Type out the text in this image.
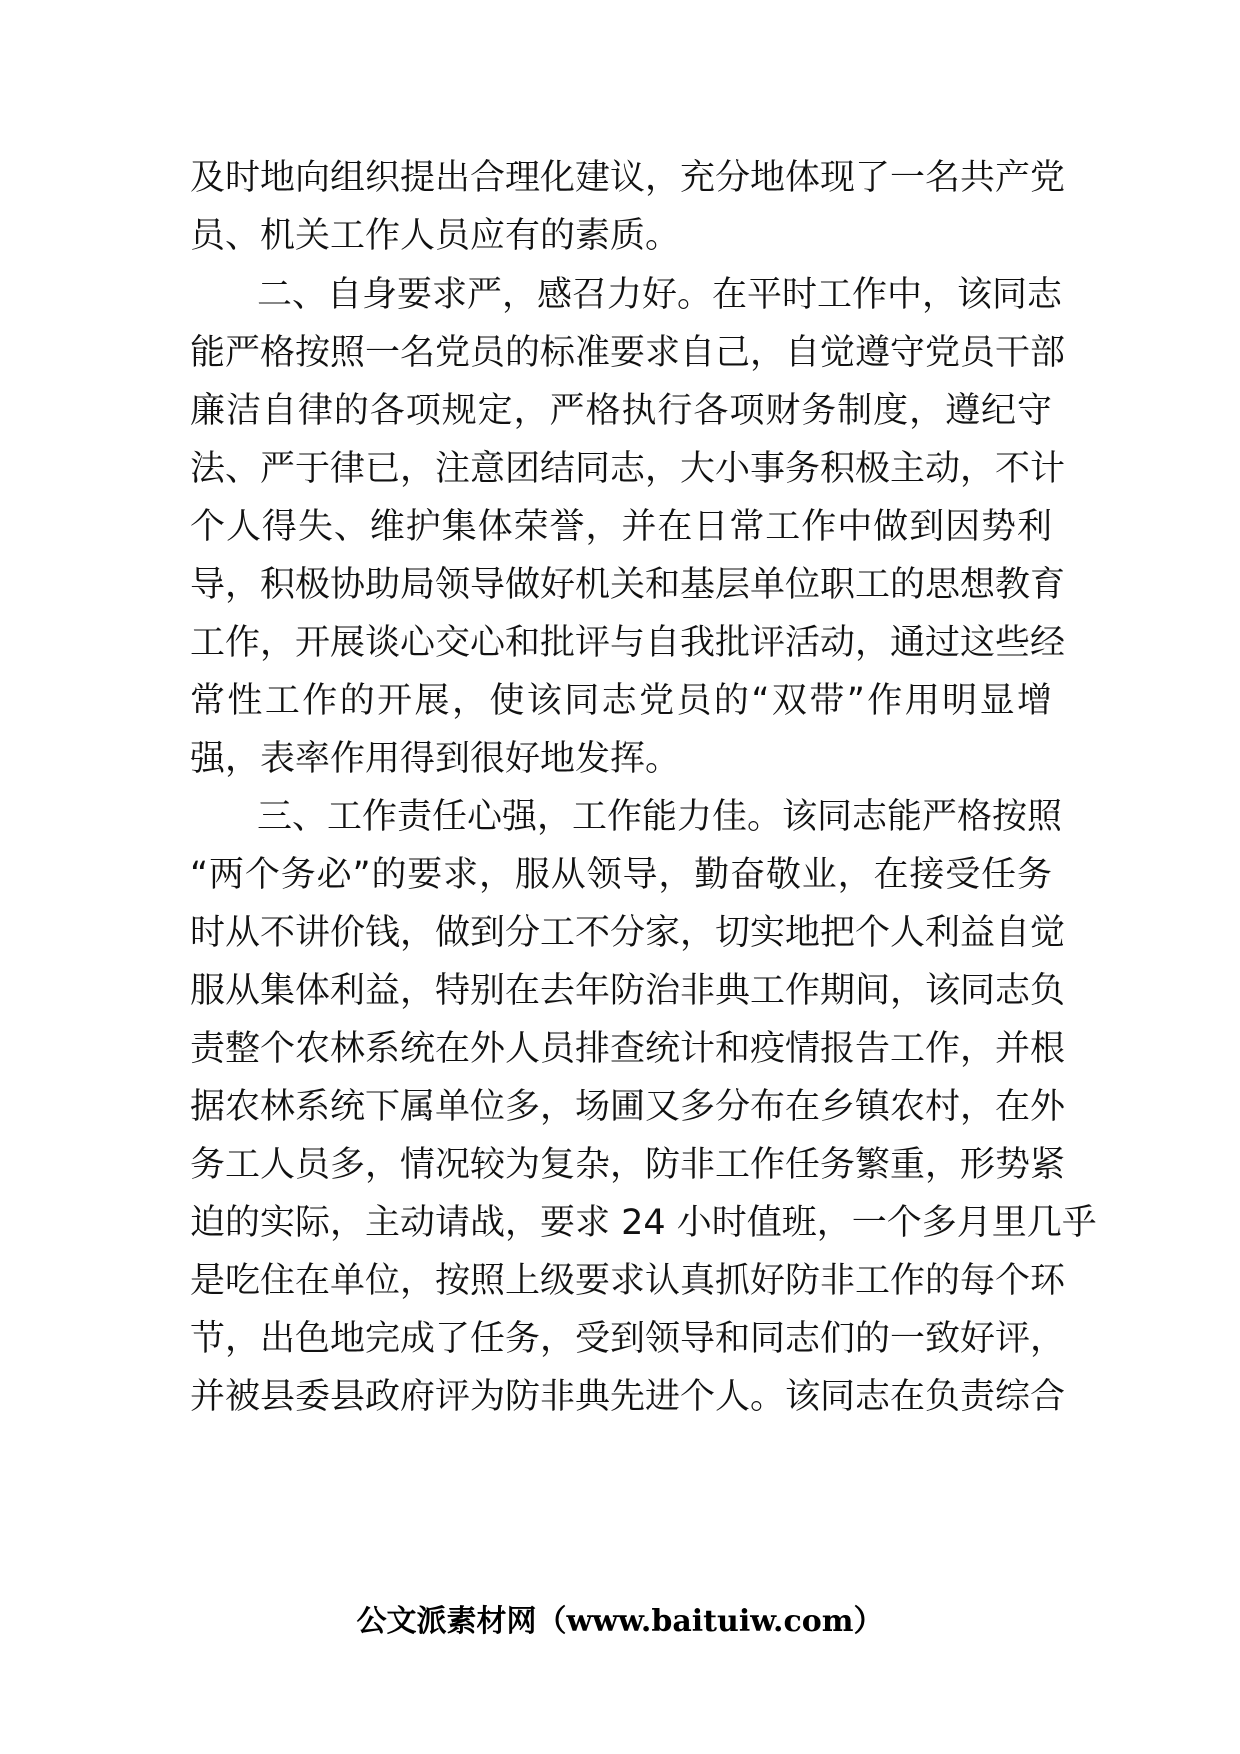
及时地向组织提出合理化建议，充分地体现了一名共产党
员、机关工作人员应有的素质。
二、自身要求严，感召力好。在平时工作中，该同志
能严格按照一名党员的标准要求自己，自觉遵守党员干部
廉洁自律的各项规定，严格执行各项财务制度，遵纪守
法、严于律已，注意团结同志，大小事务积极主动，不计
个人得失、维护集体荣誉，并在日常工作中做到因势利
导，积极协助局领导做好机关和基层单位职工的思想教育
工作，开展谈心交心和批评与自我批评活动，通过这些经
常性工作的开展，使该同志党员的“双带”作用明显增
强，表率作用得到很好地发挥。
三、工作责任心强，工作能力佳。该同志能严格按照
“两个务必”的要求，服从领导，勤奋敬业，在接受任务
时从不讲价钱，做到分工不分家，切实地把个人利益自觉
服从集体利益，特别在去年防治非典工作期间，该同志负
责整个农林系统在外人员排查统计和疫情报告工作，并根
据农林系统下属单位多，场圃又多分布在乡镇农村，在外
务工人员多，情况较为复杂，防非工作任务繁重，形势紧
迫的实际，主动请战，要求 24 小时值班，一个多月里几乎
是吃住在单位，按照上级要求认真抓好防非工作的每个环
节，出色地完成了任务，受到领导和同志们的一致好评，
并被县委县政府评为防非典先进个人。该同志在负责综合
公文派素材网（www.baituiw.com）
